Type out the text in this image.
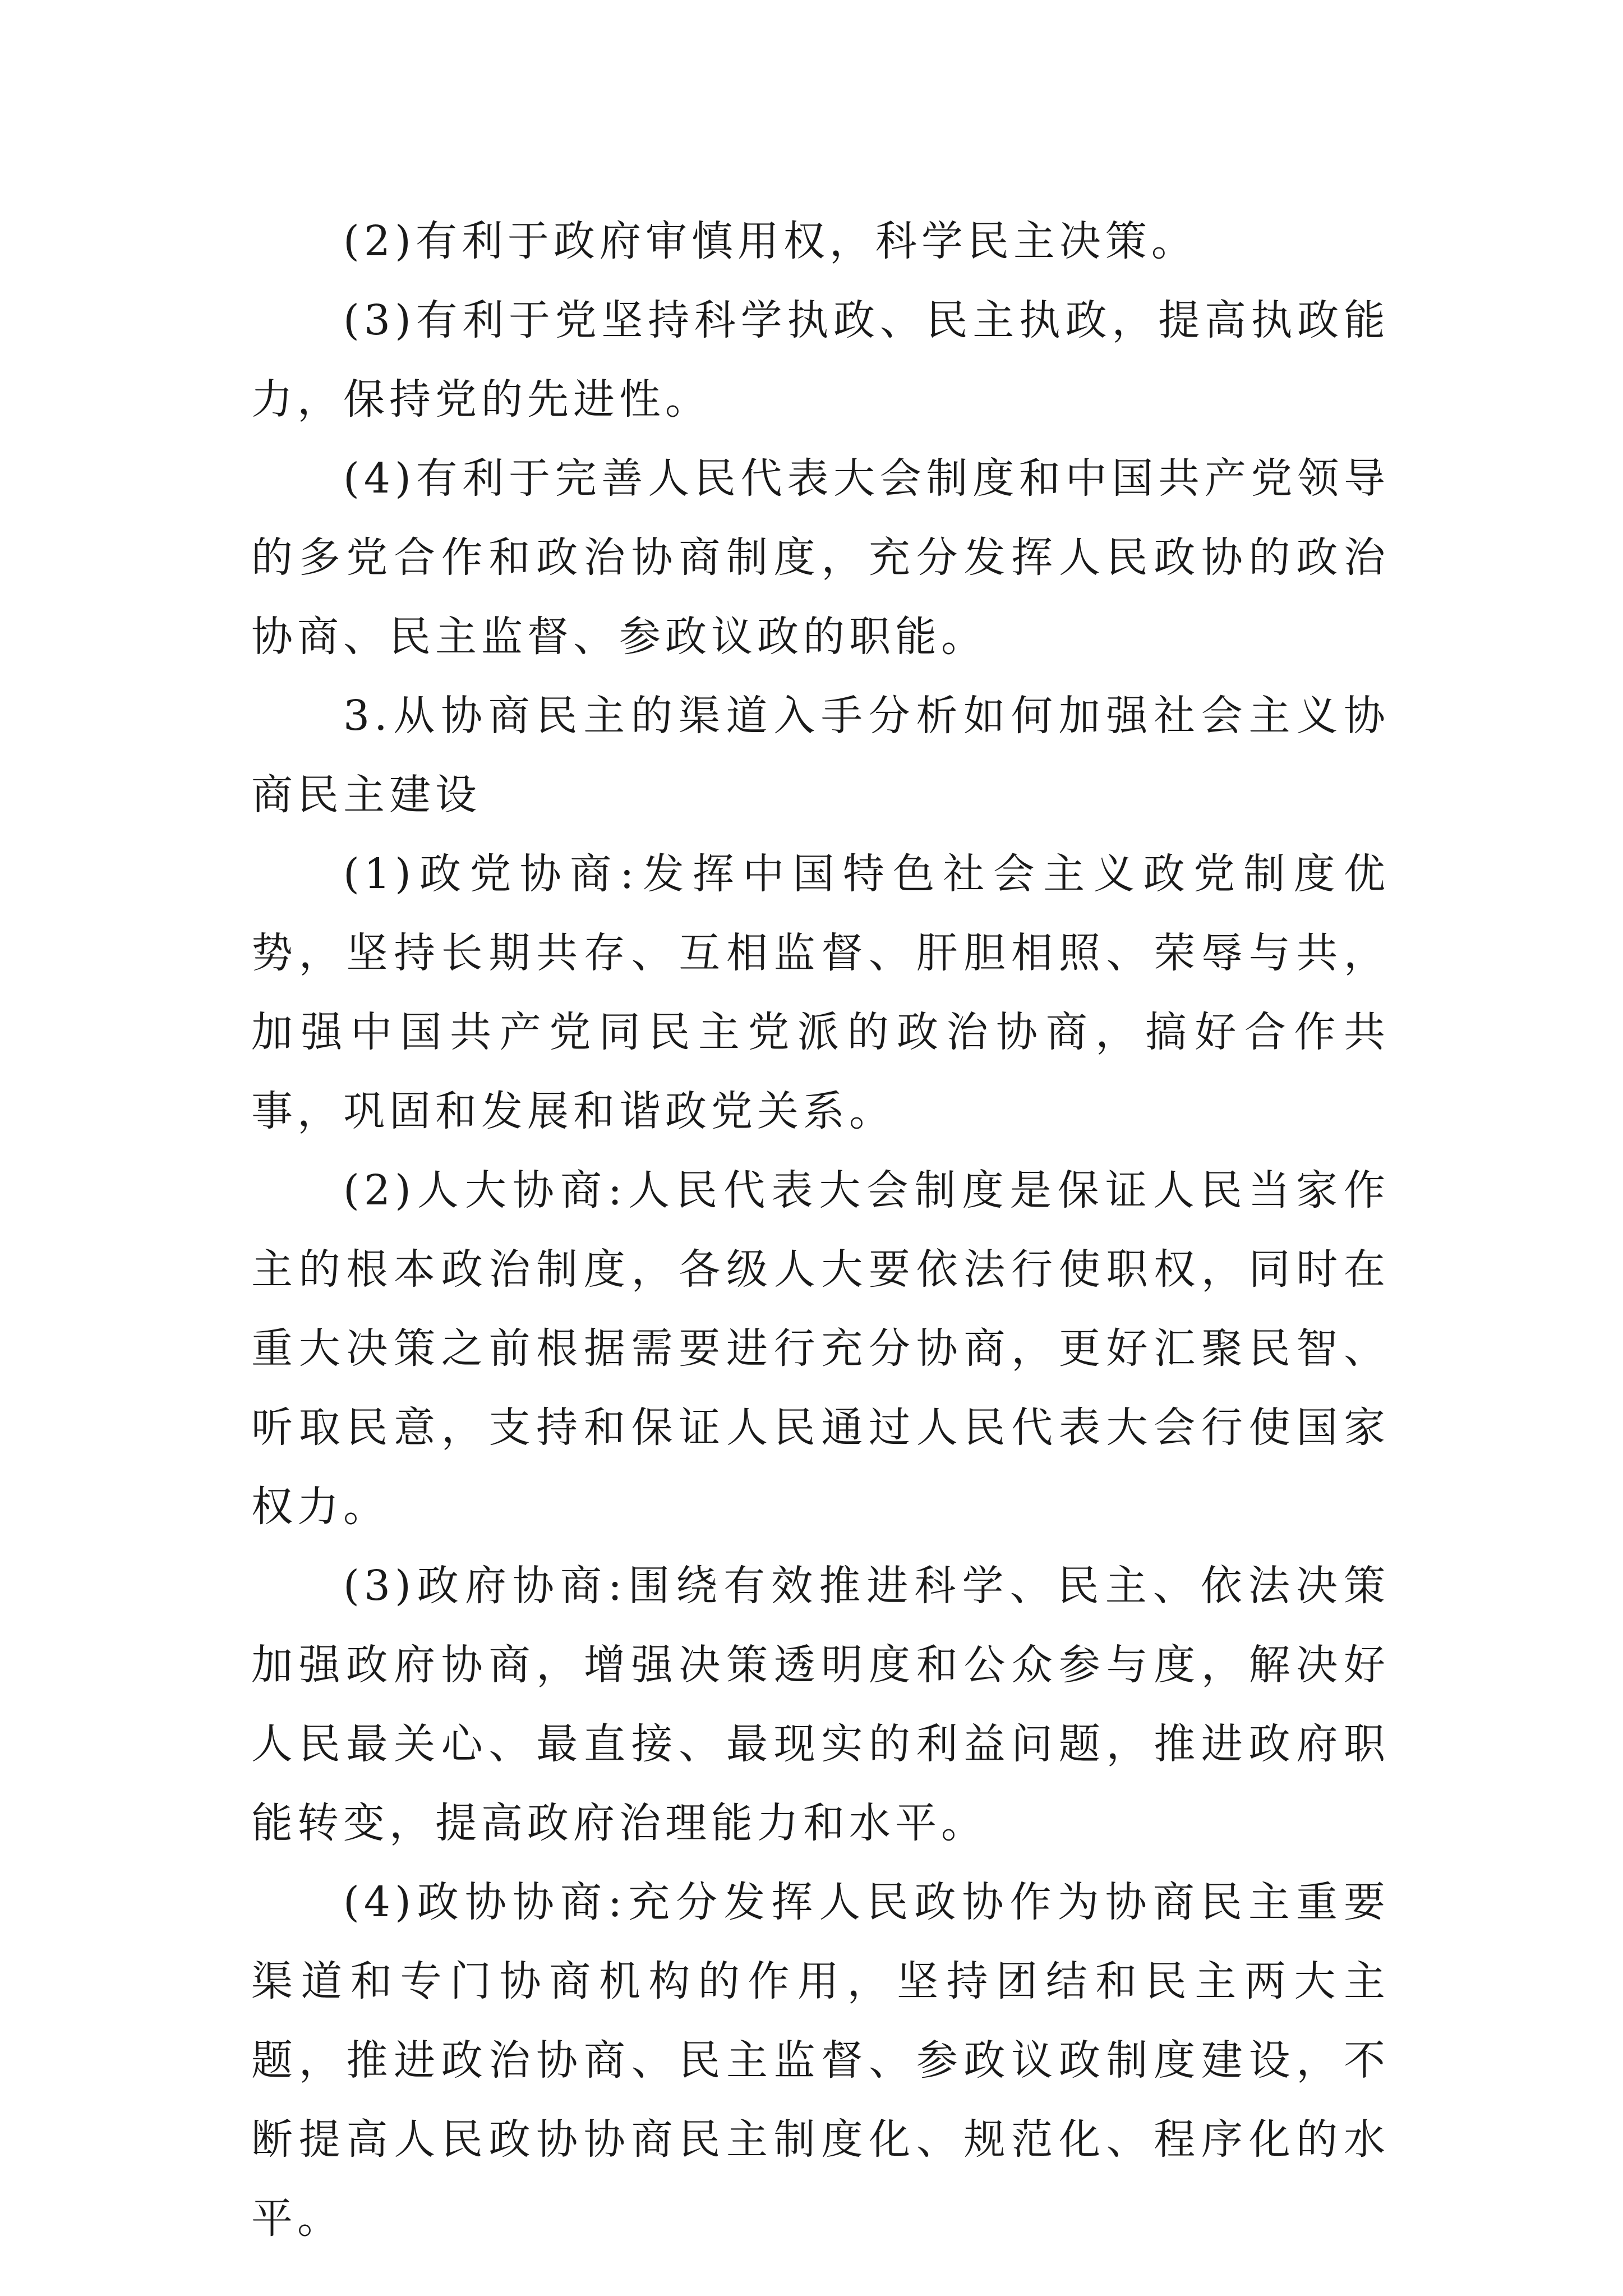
(2)有利于政府审慎用权，科学民主决策。

(3)有利于党坚持科学执政、民主执政，提高执政能力，保持党的先进性。

(4)有利于完善人民代表大会制度和中国共产党领导的多党合作和政治协商制度，充分发挥人民政协的政治协商、民主监督、参政议政的职能。

3.从协商民主的渠道入手分析如何加强社会主义协商民主建设

(1)政党协商:发挥中国特色社会主义政党制度优势，坚持长期共存、互相监督、肝胆相照、荣辱与共，加强中国共产党同民主党派的政治协商，搞好合作共事，巩固和发展和谐政党关系。

(2)人大协商:人民代表大会制度是保证人民当家作主的根本政治制度，各级人大要依法行使职权，同时在重大决策之前根据需要进行充分协商，更好汇聚民智、听取民意，支持和保证人民通过人民代表大会行使国家权力。

(3)政府协商:围绕有效推进科学、民主、依法决策加强政府协商，增强决策透明度和公众参与度，解决好人民最关心、最直接、最现实的利益问题，推进政府职能转变，提高政府治理能力和水平。

(4)政协协商:充分发挥人民政协作为协商民主重要渠道和专门协商机构的作用，坚持团结和民主两大主题，推进政治协商、民主监督、参政议政制度建设，不断提高人民政协协商民主制度化、规范化、程序化的水平。
